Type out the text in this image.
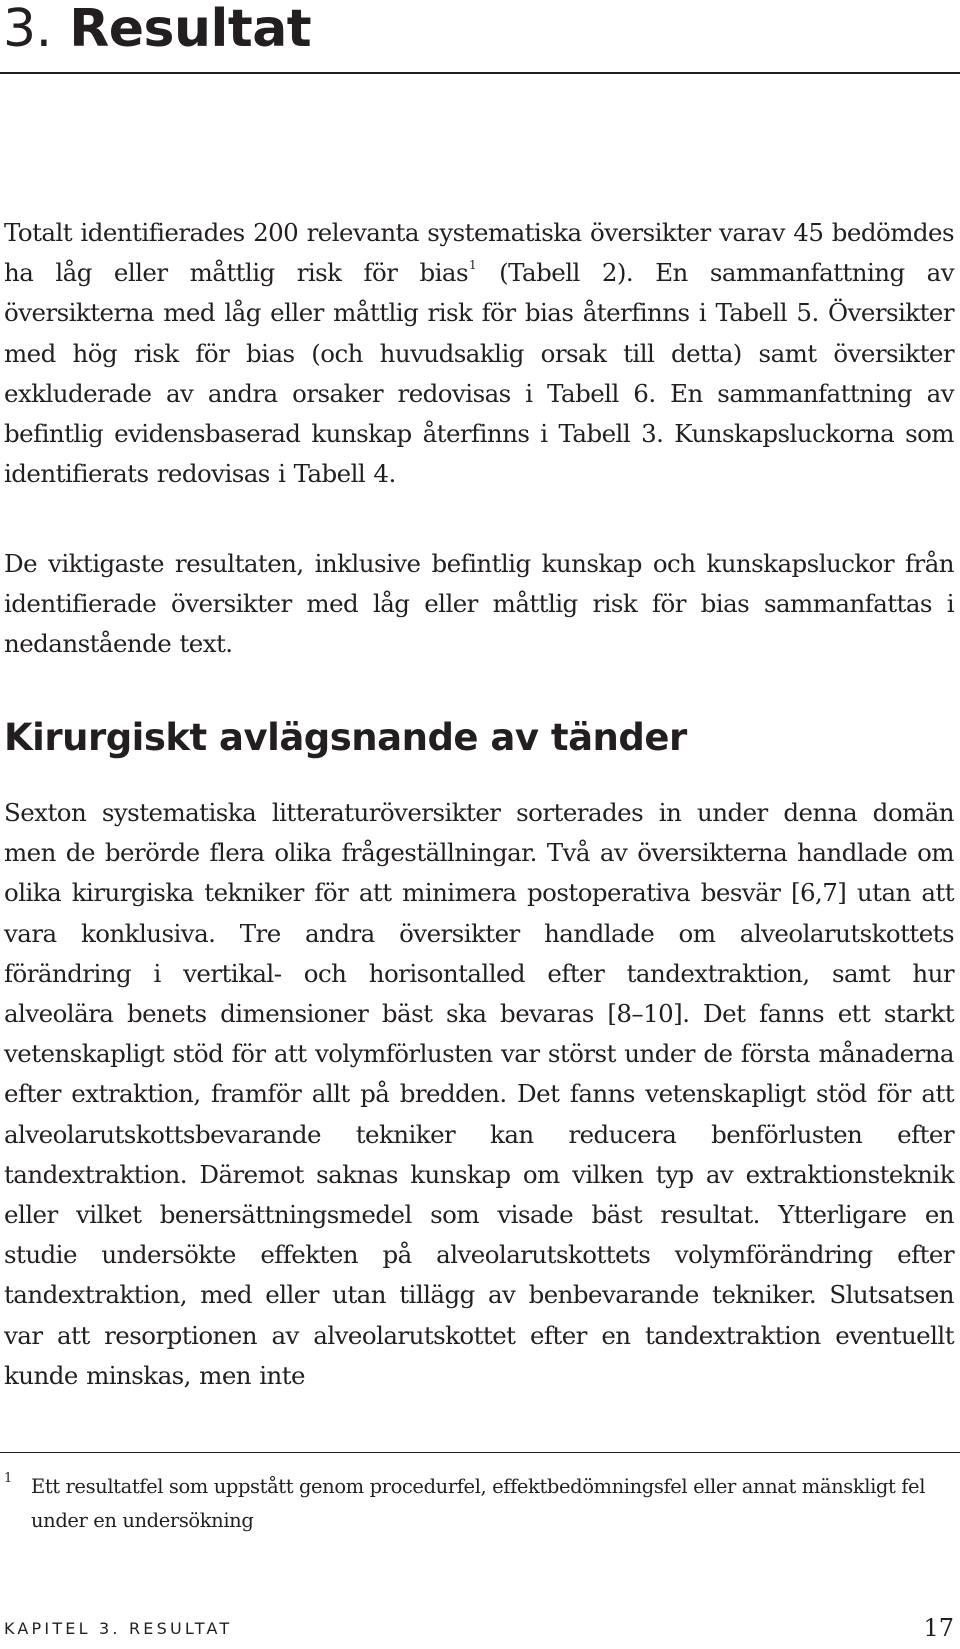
3. Resultat

Totalt identifierades 200 relevanta systematiska översikter varav 45 bedömdes ha låg eller måttlig risk för bias$^1$ (Tabell 2). En sammanfattning av översikterna med låg eller måttlig risk för bias återfinns i Tabell 5. Översikter med hög risk för bias (och huvudsaklig orsak till detta) samt översikter exkluderade av andra orsaker redovisas i Tabell 6. En sammanfattning av befintlig evidensbaserad kunskap återfinns i Tabell 3. Kunskapsluckorna som identifierats redovisas i Tabell 4.

De viktigaste resultaten, inklusive befintlig kunskap och kunskapsluckor från identifierade översikter med låg eller måttlig risk för bias sammanfattas i nedanstående text.

Kirurgiskt avlägsnande av tänder

Sexton systematiska litteraturöversikter sorterades in under denna domän men de berörde flera olika frågeställningar. Två av översikterna handlade om olika kirurgiska tekniker för att minimera postoperativa besvär [6,7] utan att vara konklusiva. Tre andra översikter handlade om alveolarutskottets förändring i vertikal- och horisontalled efter tandextraktion, samt hur alveolära benets dimensioner bäst ska bevaras [8–10]. Det fanns ett starkt vetenskapligt stöd för att volymförlusten var störst under de första månaderna efter extraktion, framför allt på bredden. Det fanns vetenskapligt stöd för att alveolarutskottsbevarande tekniker kan reducera benförlusten efter tandextraktion. Däremot saknas kunskap om vilken typ av extraktionsteknik eller vilket benersättningsmedel som visade bäst resultat. Ytterligare en studie undersökte effekten på alveolarutskottets volymförändring efter tandextraktion, med eller utan tillägg av benbevarande tekniker. Slutsatsen var att resorptionen av alveolarutskottet efter en tandextraktion eventuellt kunde minskas, men inte

1 Ett resultatfel som uppstått genom procedurfel, effektbedömningsfel eller annat mänskligt fel under en undersökning
KAPITEL 3. RESULTAT	17
